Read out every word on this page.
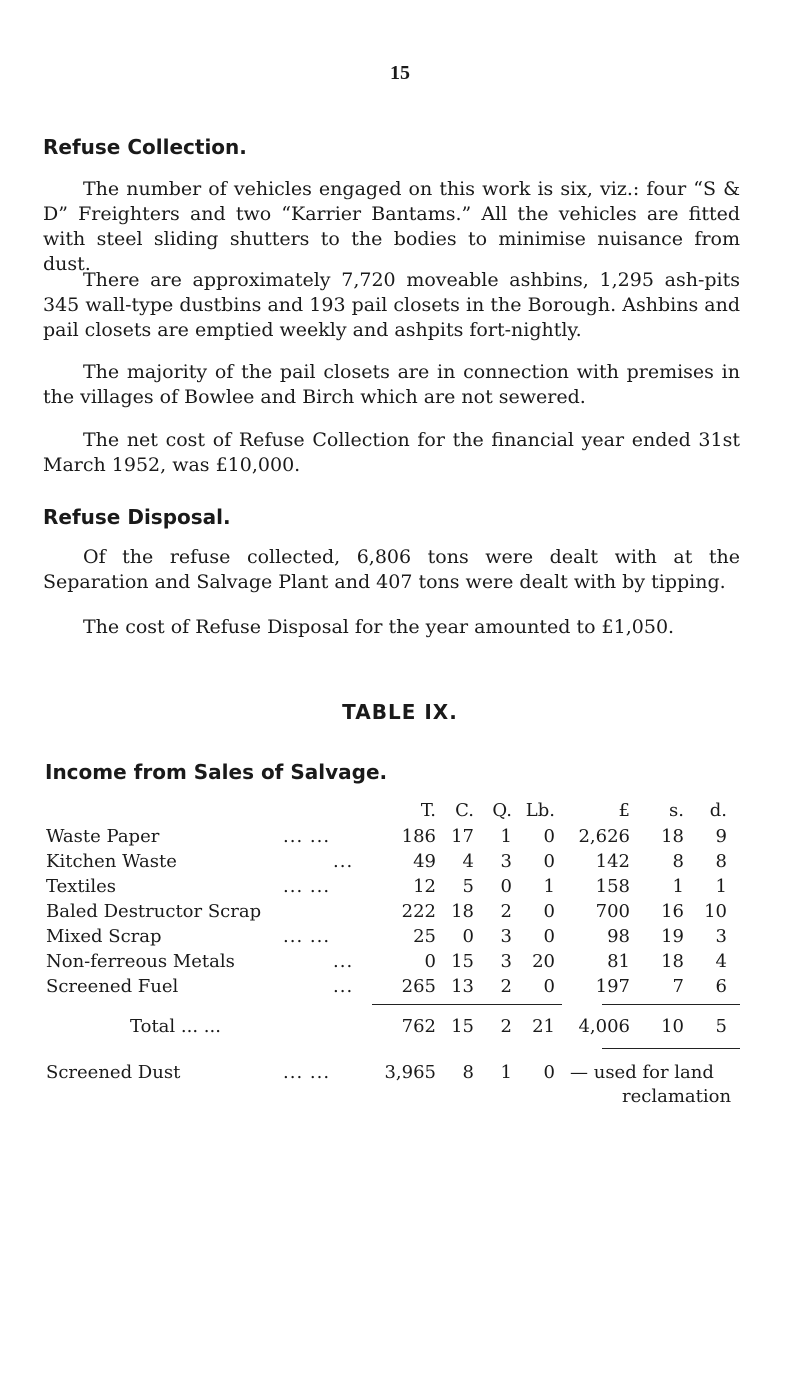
15
Refuse Collection.
The number of vehicles engaged on this work is six, viz.: four “S & D” Freighters and two “Karrier Bantams.” All the vehicles are fitted with steel sliding shutters to the bodies to minimise nuisance from dust.
There are approximately 7,720 moveable ashbins, 1,295 ash-pits 345 wall-type dustbins and 193 pail closets in the Borough. Ashbins and pail closets are emptied weekly and ashpits fort-nightly.
The majority of the pail closets are in connection with premises in the villages of Bowlee and Birch which are not sewered.
The net cost of Refuse Collection for the financial year ended 31st March 1952, was £10,000.
Refuse Disposal.
Of the refuse collected, 6,806 tons were dealt with at the Separation and Salvage Plant and 407 tons were dealt with by tipping.
The cost of Refuse Disposal for the year amounted to £1,050.
TABLE IX.
Income from Sales of Salvage.
T.	C.	Q. Lb.	£	s.	d.
Waste Paper	... ...	186 17	1	0	2,626	18	9
Kitchen Waste	...	49	4	3	0	142	8	8
Textiles	... ...	12	5	0	1	158	1	1
Baled Destructor Scrap	222 18	2	0	700	16	10
Mixed Scrap	... ...	25	0	3	0	98	19	3
Non-ferreous Metals	...	0 15	3	20	81	18	4
Screened Fuel	...	265 13	2	0	197	7	6
Total ... ...	762 15	2	21	4,006	10	5
Screened Dust	... ...	3,965	8	1	0 — used for land
reclamation
